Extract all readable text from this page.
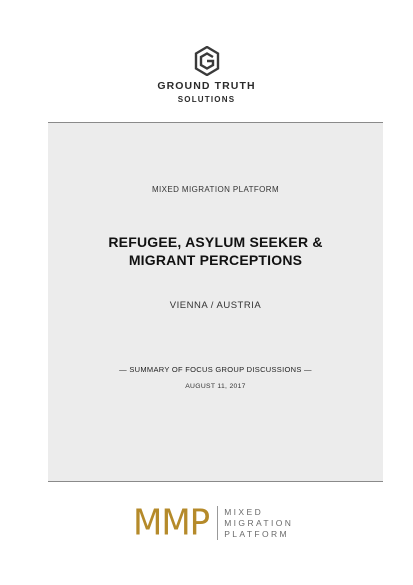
GROUND TRUTH
SOLUTIONS
MIXED MIGRATION PLATFORM
REFUGEE, ASYLUM SEEKER &
MIGRANT PERCEPTIONS
VIENNA / AUSTRIA
— SUMMARY OF FOCUS GROUP DISCUSSIONS —
AUGUST 11, 2017
MMP MIXED
MIGRATION
PLATFORM
